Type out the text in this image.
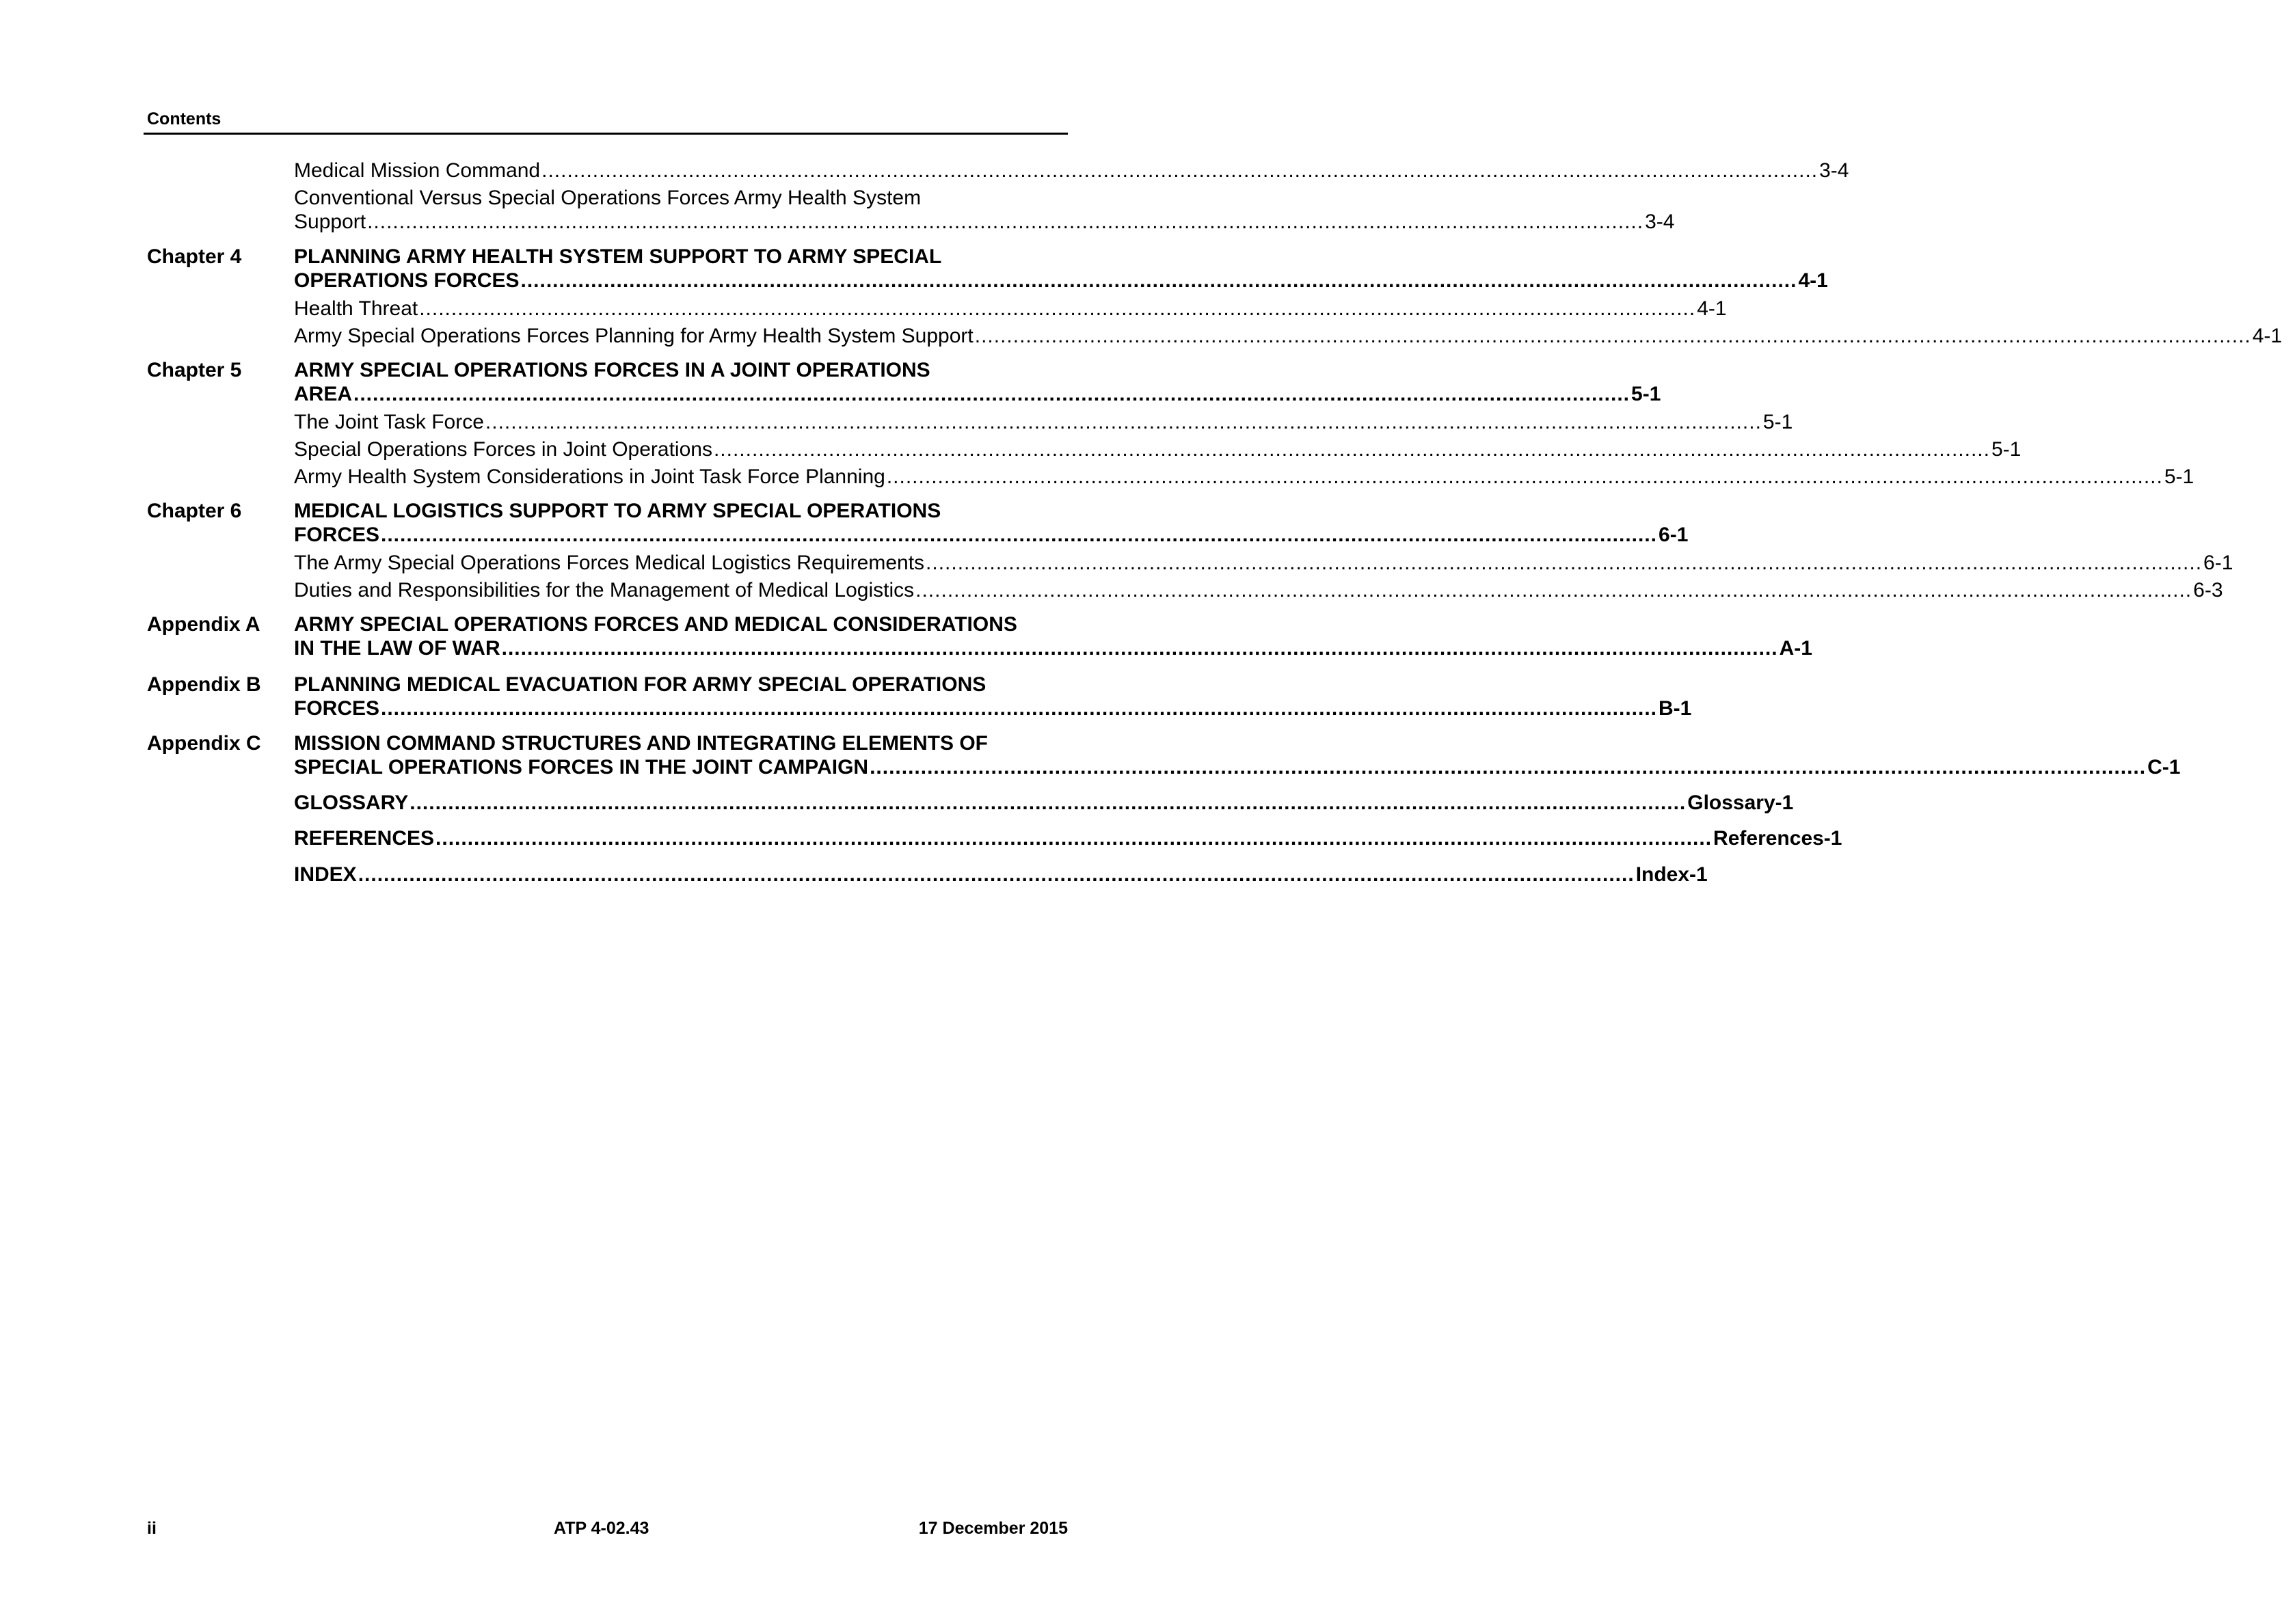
Contents
Medical Mission Command ........................................................................................................................................................................................................ 3-4
Conventional Versus Special Operations Forces Army Health System
Support ........................................................................................................................................................................................................ 3-4
Chapter 4	PLANNING ARMY HEALTH SYSTEM SUPPORT TO ARMY SPECIAL
OPERATIONS FORCES ........................................................................................................................................................................................................ 4-1
Health Threat ........................................................................................................................................................................................................ 4-1
Army Special Operations Forces Planning for Army Health System Support ........................................................................................................................................................................................................ 4-1
Chapter 5	ARMY SPECIAL OPERATIONS FORCES IN A JOINT OPERATIONS
AREA ........................................................................................................................................................................................................ 5-1
The Joint Task Force ........................................................................................................................................................................................................ 5-1
Special Operations Forces in Joint Operations ........................................................................................................................................................................................................ 5-1
Army Health System Considerations in Joint Task Force Planning ........................................................................................................................................................................................................ 5-1
Chapter 6	MEDICAL LOGISTICS SUPPORT TO ARMY SPECIAL OPERATIONS
FORCES ........................................................................................................................................................................................................ 6-1
The Army Special Operations Forces Medical Logistics Requirements ........................................................................................................................................................................................................ 6-1
Duties and Responsibilities for the Management of Medical Logistics ........................................................................................................................................................................................................ 6-3
Appendix A ARMY SPECIAL OPERATIONS FORCES AND MEDICAL CONSIDERATIONS
IN THE LAW OF WAR ........................................................................................................................................................................................................ A-1
Appendix B PLANNING MEDICAL EVACUATION FOR ARMY SPECIAL OPERATIONS
FORCES ........................................................................................................................................................................................................ B-1
Appendix C MISSION COMMAND STRUCTURES AND INTEGRATING ELEMENTS OF
SPECIAL OPERATIONS FORCES IN THE JOINT CAMPAIGN ........................................................................................................................................................................................................ C-1
GLOSSARY ........................................................................................................................................................................................................ Glossary-1
REFERENCES ........................................................................................................................................................................................................ References-1
INDEX ........................................................................................................................................................................................................ Index-1
ii	ATP 4-02.43	17 December 2015
